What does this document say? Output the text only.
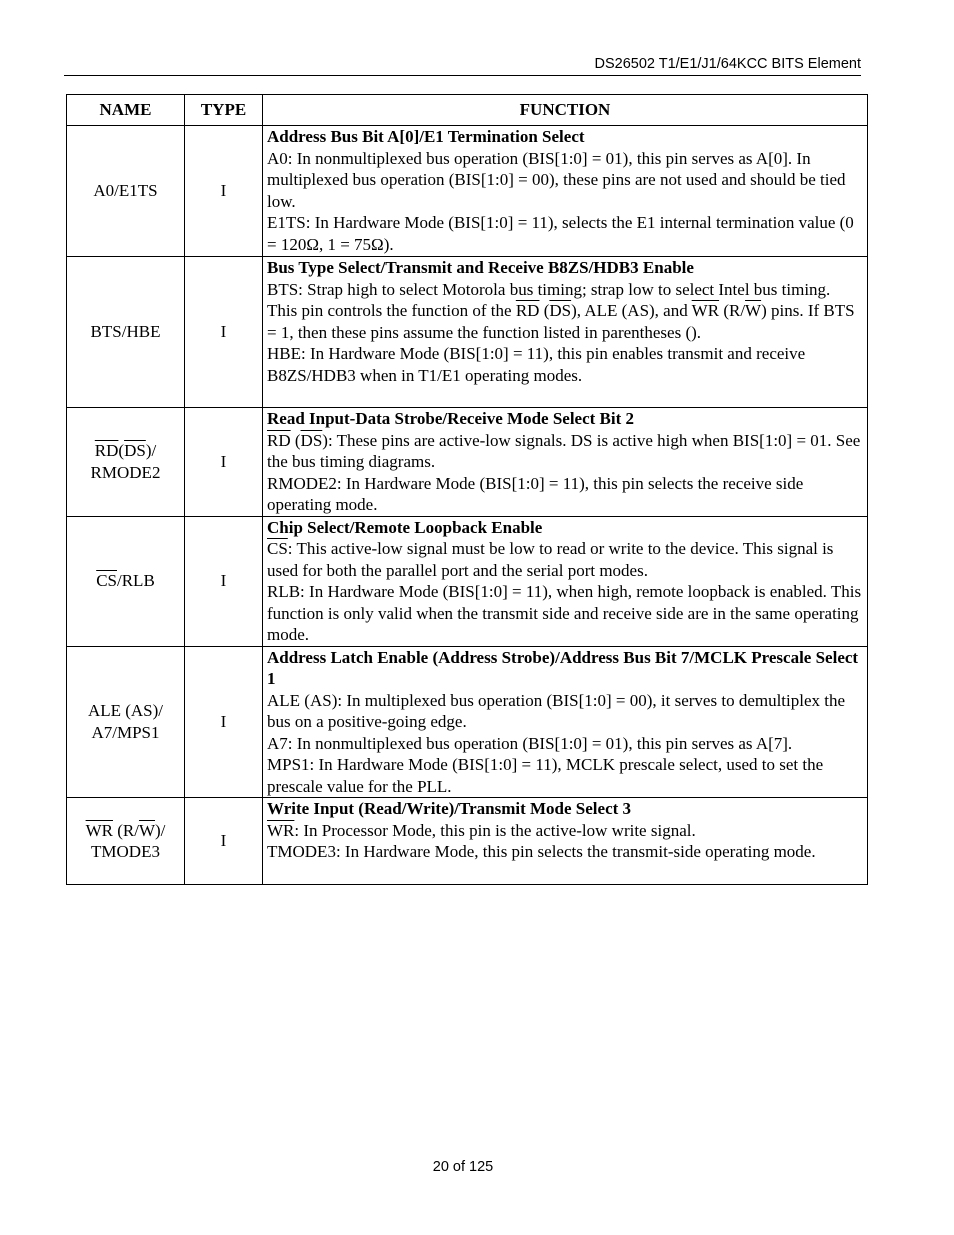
DS26502 T1/E1/J1/64KCC BITS Element
NAME	TYPE	FUNCTION
A0/E1TS	I	Address Bus Bit A[0]/E1 Termination Select
A0: In nonmultiplexed bus operation (BIS[1:0] = 01), this pin serves as A[0]. In multiplexed bus operation (BIS[1:0] = 00), these pins are not used and should be tied low.
E1TS: In Hardware Mode (BIS[1:0] = 11), selects the E1 internal termination value (0 = 120Ω, 1 = 75Ω).

BTS/HBE	I	Bus Type Select/Transmit and Receive B8ZS/HDB3 Enable
BTS: Strap high to select Motorola bus timing; strap low to select Intel bus timing. This pin controls the function of the $\overline{RD}$ $(\overline{DS})$, ALE (AS), and $\overline{WR}$ $(R/\overline{W})$ pins. If BTS = 1, then these pins assume the function listed in parentheses ().
HBE: In Hardware Mode (BIS[1:0] = 11), this pin enables transmit and receive B8ZS/HDB3 when in T1/E1 operating modes.

$\overline{RD}(\overline{DS})/$
RMODE2	I	Read Input-Data Strobe/Receive Mode Select Bit 2
$\overline{RD}$ $(\overline{DS})$: These pins are active-low signals. DS is active high when BIS[1:0] = 01. See the bus timing diagrams.
RMODE2: In Hardware Mode (BIS[1:0] = 11), this pin selects the receive side operating mode.

$\overline{CS}$/RLB	I	Chip Select/Remote Loopback Enable
$\overline{CS}$: This active-low signal must be low to read or write to the device. This signal is used for both the parallel port and the serial port modes.
RLB: In Hardware Mode (BIS[1:0] = 11), when high, remote loopback is enabled. This function is only valid when the transmit side and receive side are in the same operating mode.

ALE (AS)/
A7/MPS1	I	Address Latch Enable (Address Strobe)/Address Bus Bit 7/MCLK Prescale Select 1
ALE (AS): In multiplexed bus operation (BIS[1:0] = 00), it serves to demultiplex the bus on a positive-going edge.
A7: In nonmultiplexed bus operation (BIS[1:0] = 01), this pin serves as A[7].
MPS1: In Hardware Mode (BIS[1:0] = 11), MCLK prescale select, used to set the prescale value for the PLL.

$\overline{WR}$ $(R/\overline{W})/$
TMODE3	I	Write Input (Read/Write)/Transmit Mode Select 3
$\overline{WR}$: In Processor Mode, this pin is the active-low write signal.
TMODE3: In Hardware Mode, this pin selects the transmit-side operating mode.
20 of 125
